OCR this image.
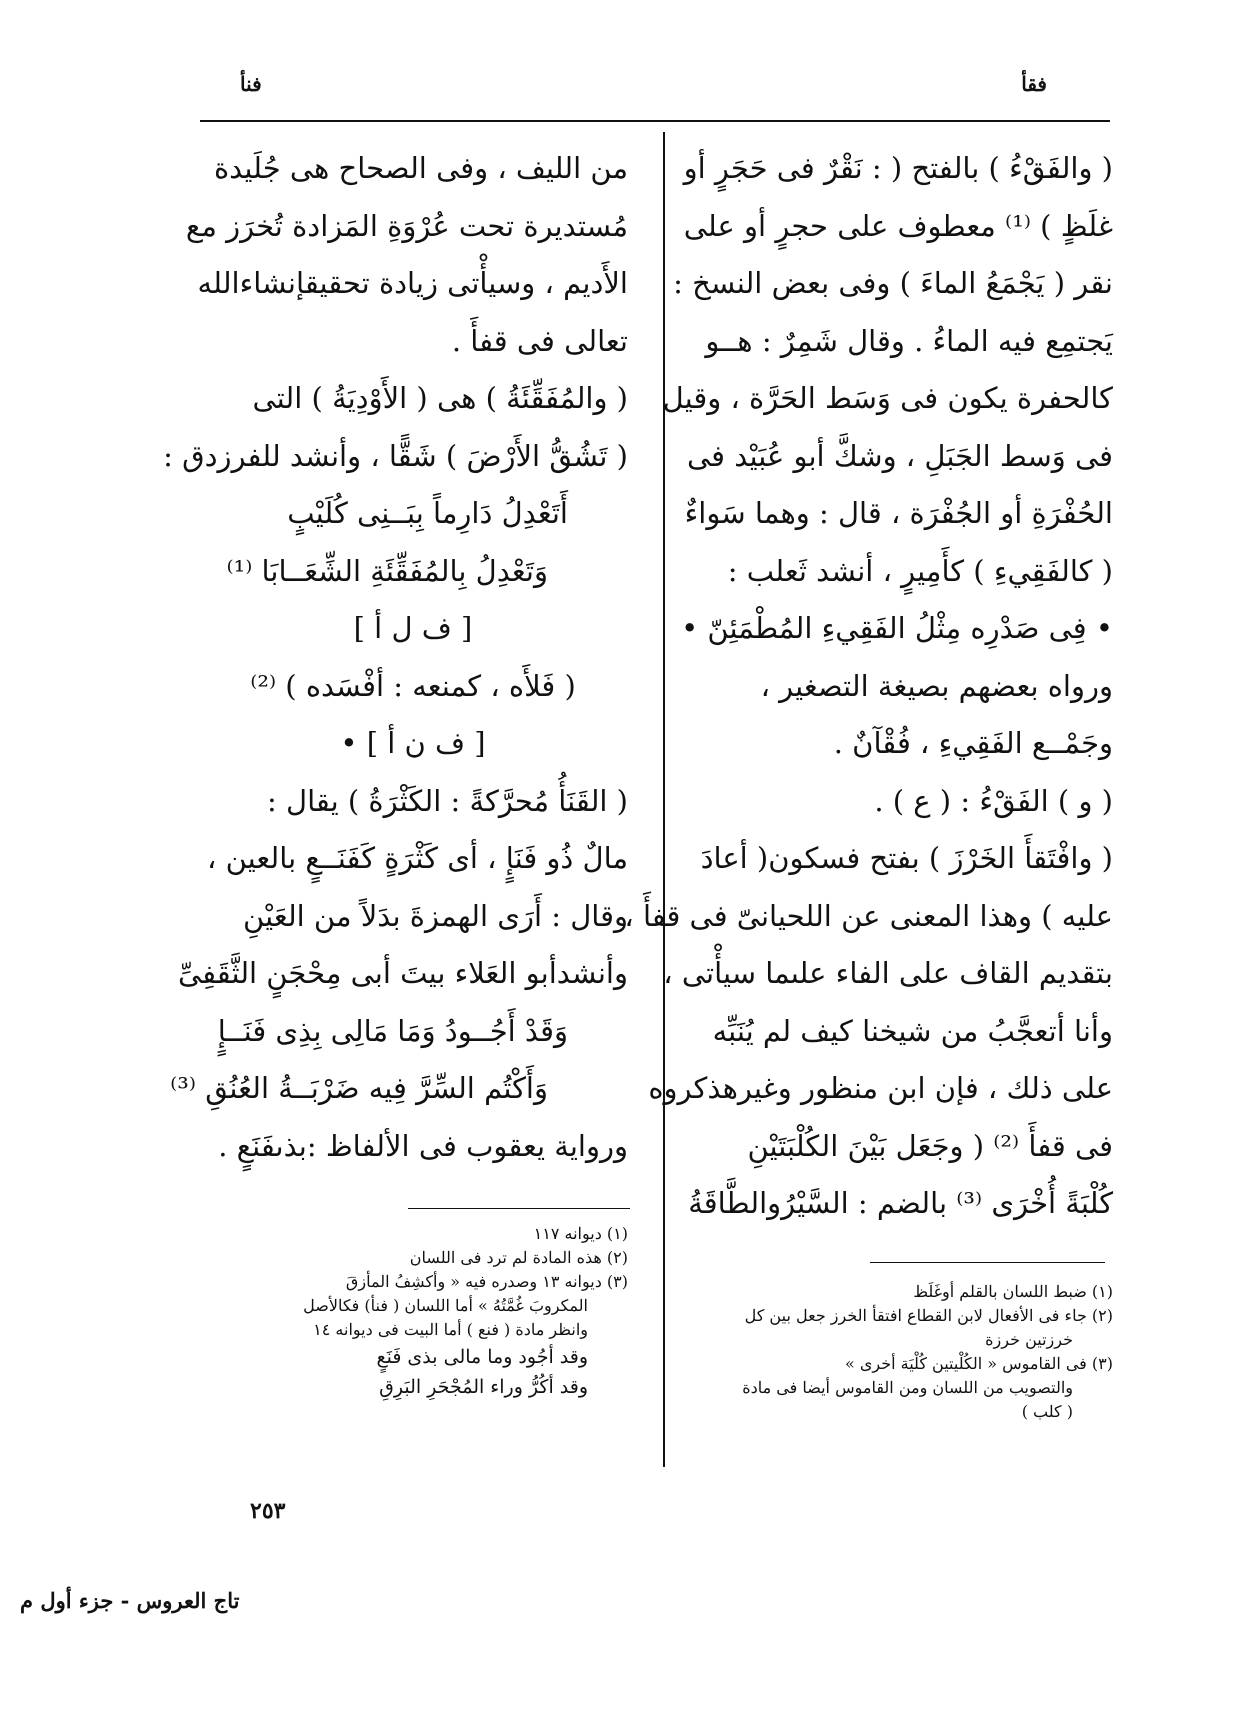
فقأ
فنأ
( والفَقْءُ ) بالفتح ( : نَقْرٌ فى حَجَرٍ أو
غلَظٍ ) ⁽¹⁾ معطوف على حجرٍ أو على
نقر ( يَجْمَعُ الماءَ ) وفى بعض النسخ :
يَجتمِع فيه الماءُ . وقال شَمِرٌ : هــو
كالحفرة يكون فى وَسَط الحَرَّة ، وقيل
فى وَسط الجَبَلِ ، وشكَّ أبو عُبَيْد فى
الحُفْرَةِ أو الجُفْرَة ، قال : وهما سَواءٌ
( كالفَقِيءِ ) كأَمِيرٍ ، أنشد ثَعلب :
• فِى صَدْرِه مِثْلُ الفَقِيءِ المُطْمَئِنّ •
ورواه بعضهم بصيغة التصغير ،
وجَمْــع الفَقِيءِ ، فُقْآنٌ .
( و ) الفَقْءُ : ( ع ) .
( وافْتَقأَ الخَرْزَ ) بفتح فسكون( أعادَ
عليه ) وهذا المعنى عن اللحيانىّ فى قفأَ ،
بتقديم القاف على الفاء علىما سيأْتى ،
وأنا أتعجَّبُ من شيخنا كيف لم يُنَبِّه
على ذلك ، فإن ابن منظور وغيرهذكروه
فى قفأَ ⁽²⁾ ( وجَعَل بَيْنَ الكُلْبَتَيْنِ
كُلْبَةً أُخْرَى ⁽³⁾ بالضم : السَّيْرُوالطَّاقَةُ
من الليف ، وفى الصحاح هى جُلَيدة
مُستديرة تحت عُرْوَةِ المَزادة تُخرَز مع
الأَديم ، وسيأْتى زيادة تحقيقإنشاءالله
تعالى فى قفأَ .
( والمُفَقِّئَةُ ) هى ( الأَوْدِيَةُ ) التى
( تَشُقُّ الأَرْضَ ) شَقًّا ، وأنشد للفرزدق :
أَتَعْدِلُ دَارِماً بِبَــنِى كُلَيْبٍ
وَتَعْدِلُ بِالمُفَقِّئَةِ الشِّعَــابَا ⁽¹⁾
[ ف ل أ ]
( فَلأَه ، كمنعه : أفْسَده ) ⁽²⁾
[ ف ن أ ] •
( القَنَأُ مُحرَّكةً : الكَثْرَةُ ) يقال :
مالٌ ذُو فَنَإٍ ، أى كَثْرَةٍ كَفَنَــعٍ بالعين ،
وقال : أَرَى الهمزةَ بدَلاً من العَيْنِ
وأنشدأبو العَلاء بيتَ أبى مِحْجَنٍ الثَّقَفِىِّ
وَقَدْ أَجُــودُ وَمَا مَالِى بِذِى فَنَــإٍ
وَأَكْتُم السِّرَّ فِيه ضَرْبَــةُ العُنُقِ ⁽³⁾
ورواية يعقوب فى الألفاظ :بذىفَنَعٍ .
(١) ضبط اللسان بالقلم أوغَلَظ
(٢) جاء فى الأفعال لابن القطاع افتقأ الخرز جعل بين كل
خرزتين خرزة
(٣) فى القاموس « الكُلْيتين كُلْيَة أخرى »
والتصويب من اللسان ومن القاموس أيضا فى مادة
( كلب )
(١) ديوانه ١١٧
(٢) هذه المادة لم ترد فى اللسان
(٣) ديوانه ١٣ وصدره فيه « وأكشِفُ المأزقَ
المكروبَ غُمَّتُهُ » أما اللسان ( فنأ) فكالأصل
وانظر مادة ( فنع ) أما البيت فى ديوانه ١٤
وقد أجُود وما مالى بذى فَنَعٍ
وقد أكُرُّ وراء المُجْحَرِ البَرِقِ
٢٥٣
تاج العروس - جزء أول م
